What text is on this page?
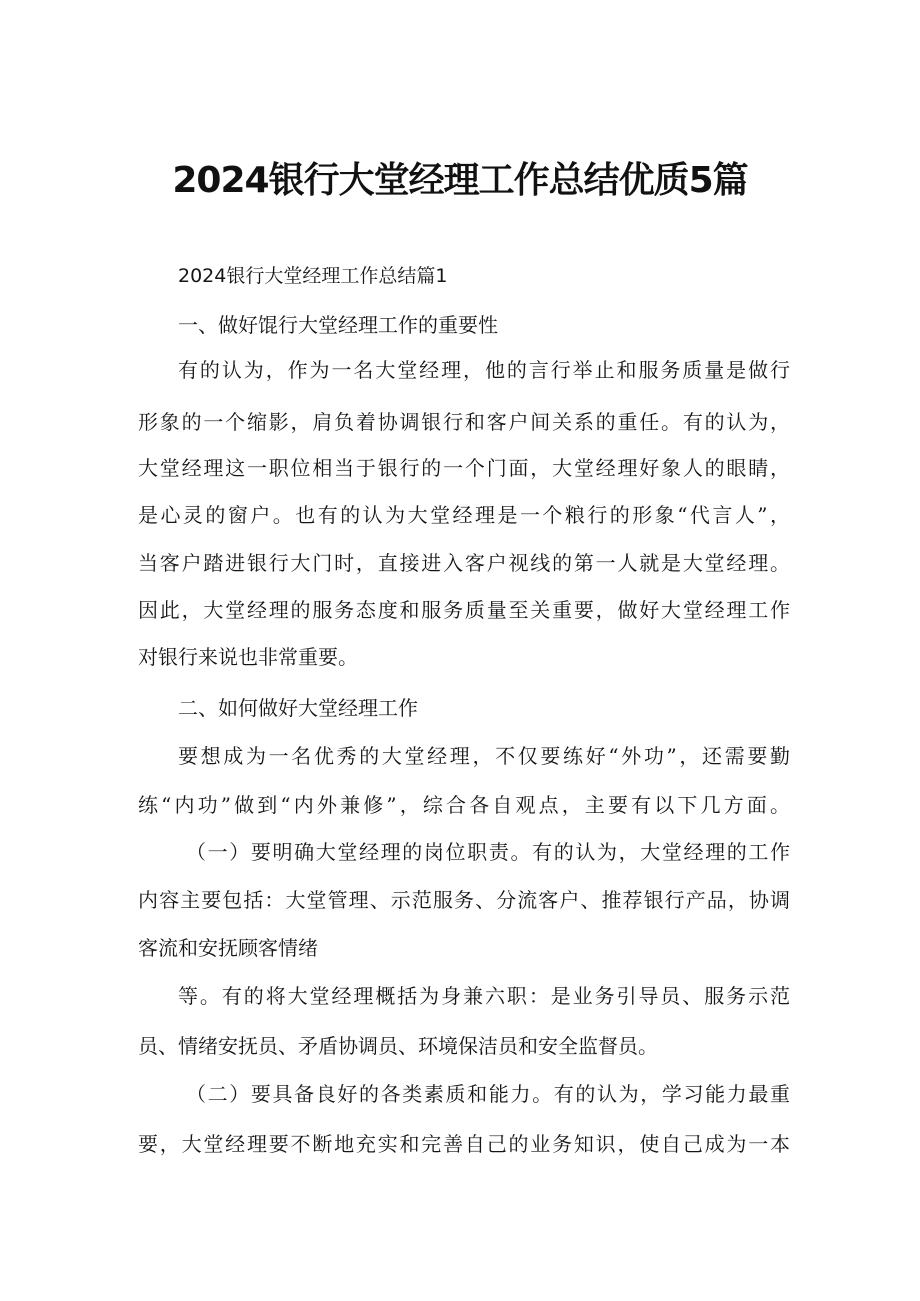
2024银行大堂经理工作总结优质5篇
2024银行大堂经理工作总结篇1
一、做好馄行大堂经理工作的重要性
有的认为，作为一名大堂经理，他的言行举止和服务质量是做行
形象的一个缩影，肩负着协调银行和客户间关系的重任。有的认为，
大堂经理这一职位相当于银行的一个门面，大堂经理好象人的眼睛，
是心灵的窗户。也有的认为大堂经理是一个粮行的形象“代言人”，
当客户踏进银行大门时，直接进入客户视线的第一人就是大堂经理。
因此，大堂经理的服务态度和服务质量至关重要，做好大堂经理工作
对银行来说也非常重要。
二、如何做好大堂经理工作
要想成为一名优秀的大堂经理，不仅要练好“外功”，还需要勤
练“内功”做到“内外兼修”，综合各自观点，主要有以下几方面。
（一）要明确大堂经理的岗位职责。有的认为，大堂经理的工作
内容主要包括：大堂管理、示范服务、分流客户、推荐银行产品，协调
客流和安抚顾客情绪
等。有的将大堂经理概括为身兼六职：是业务引导员、服务示范
员、情绪安抚员、矛盾协调员、环境保洁员和安全监督员。
（二）要具备良好的各类素质和能力。有的认为，学习能力最重
要，大堂经理要不断地充实和完善自己的业务知识，使自己成为一本
